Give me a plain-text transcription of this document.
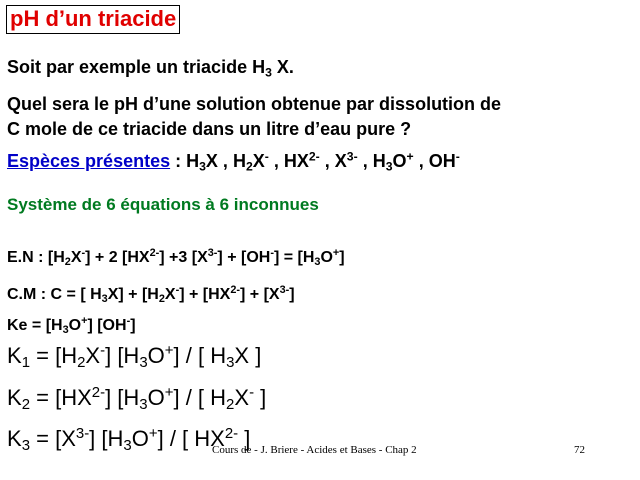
pH d’un triacide
Soit par exemple un triacide $H_3$ X.
Quel sera le pH d’une solution obtenue par dissolution de
C mole de ce triacide dans un litre d’eau pure ?
Espèces présentes : $H_3X$ , $H_2X^-$ , $HX^{2-}$ , $X^{3-}$ , $H_3O^+$ , OH-
Système de 6 équations à 6 inconnues
E.N : $[H_2X^-] + 2$ $[HX^{2-}] +3$ $[X^{3-}] + [OH^-] = [H_3O^+]$
C.M : C = [ $H_3X] + [H_2X^-] + [HX^{2-}] + [X^{3-}]$
$Ke = [H_3O^+]$ [OH-]
$K_1 = [H_2X^-]$ $[H_3O^+]$ / [ $H_3X$ ]
$K_2 = [HX^{2-}]$ $[H_3O^+]$ / [ $H_2X^-$ ]
$K_3 = [X^{3-}]$ $[H_3O^+]$ / [ $HX^{2-}$ ]
Cours de - J. Briere - Acides et Bases - Chap 2	72
